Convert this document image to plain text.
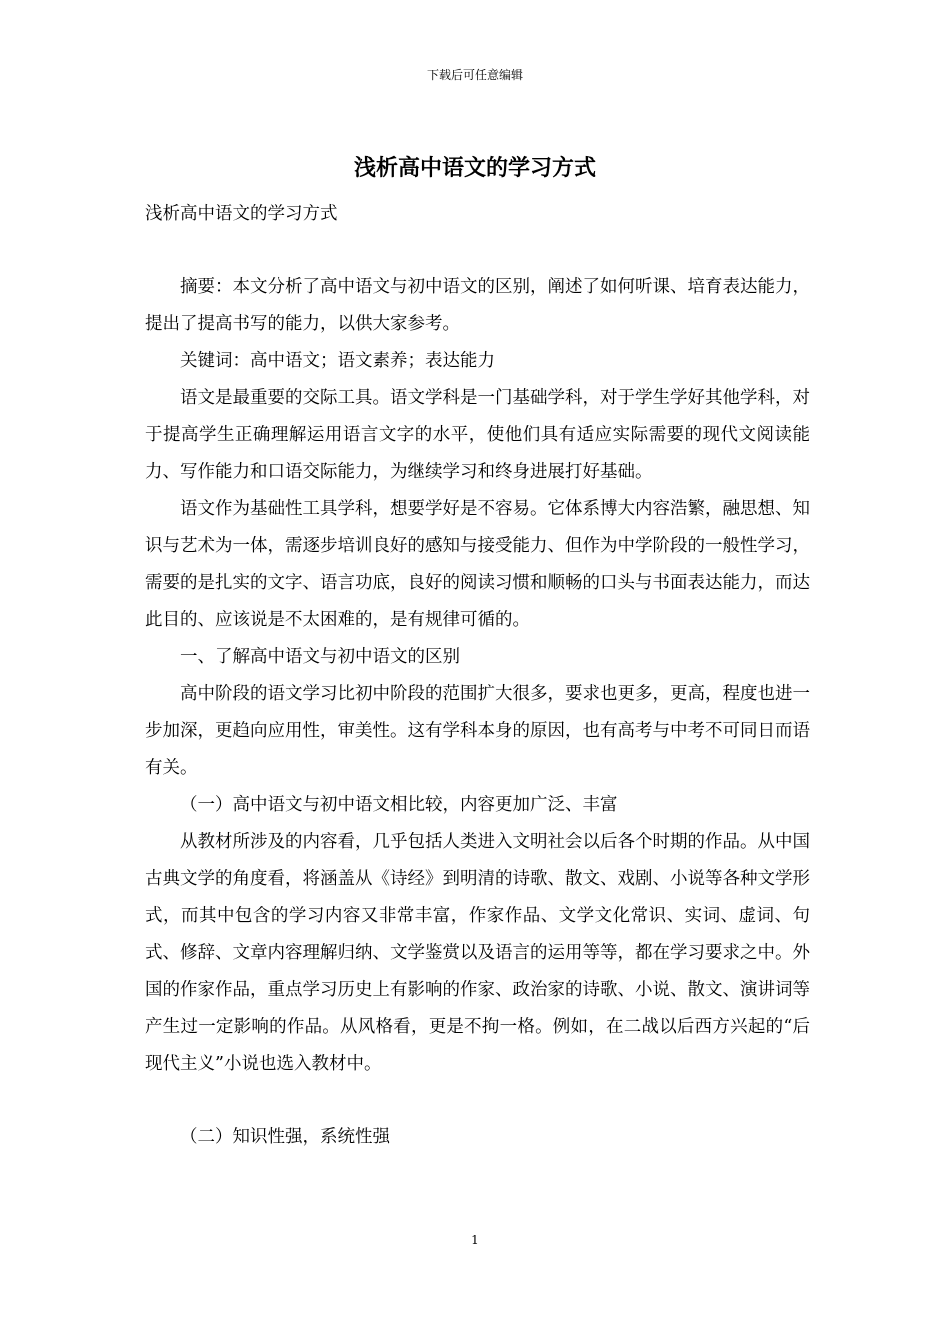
下载后可任意编辑
浅析高中语文的学习方式
浅析高中语文的学习方式

摘要：本文分析了高中语文与初中语文的区别，阐述了如何听课、培育表达能力，提出了提高书写的能力，以供大家参考。

关键词：高中语文；语文素养；表达能力

语文是最重要的交际工具。语文学科是一门基础学科，对于学生学好其他学科，对于提高学生正确理解运用语言文字的水平，使他们具有适应实际需要的现代文阅读能力、写作能力和口语交际能力，为继续学习和终身进展打好基础。

语文作为基础性工具学科，想要学好是不容易。它体系博大内容浩繁，融思想、知识与艺术为一体，需逐步培训良好的感知与接受能力、但作为中学阶段的一般性学习，需要的是扎实的文字、语言功底，良好的阅读习惯和顺畅的口头与书面表达能力，而达此目的、应该说是不太困难的，是有规律可循的。

一、了解高中语文与初中语文的区别

高中阶段的语文学习比初中阶段的范围扩大很多，要求也更多，更高，程度也进一步加深，更趋向应用性，审美性。这有学科本身的原因，也有高考与中考不可同日而语有关。

（一）高中语文与初中语文相比较，内容更加广泛、丰富

从教材所涉及的内容看，几乎包括人类进入文明社会以后各个时期的作品。从中国古典文学的角度看，将涵盖从《诗经》到明清的诗歌、散文、戏剧、小说等各种文学形式，而其中包含的学习内容又非常丰富，作家作品、文学文化常识、实词、虚词、句式、修辞、文章内容理解归纳、文学鉴赏以及语言的运用等等，都在学习要求之中。外国的作家作品，重点学习历史上有影响的作家、政治家的诗歌、小说、散文、演讲词等产生过一定影响的作品。从风格看，更是不拘一格。例如，在二战以后西方兴起的“后现代主义”小说也选入教材中。

（二）知识性强，系统性强

1
